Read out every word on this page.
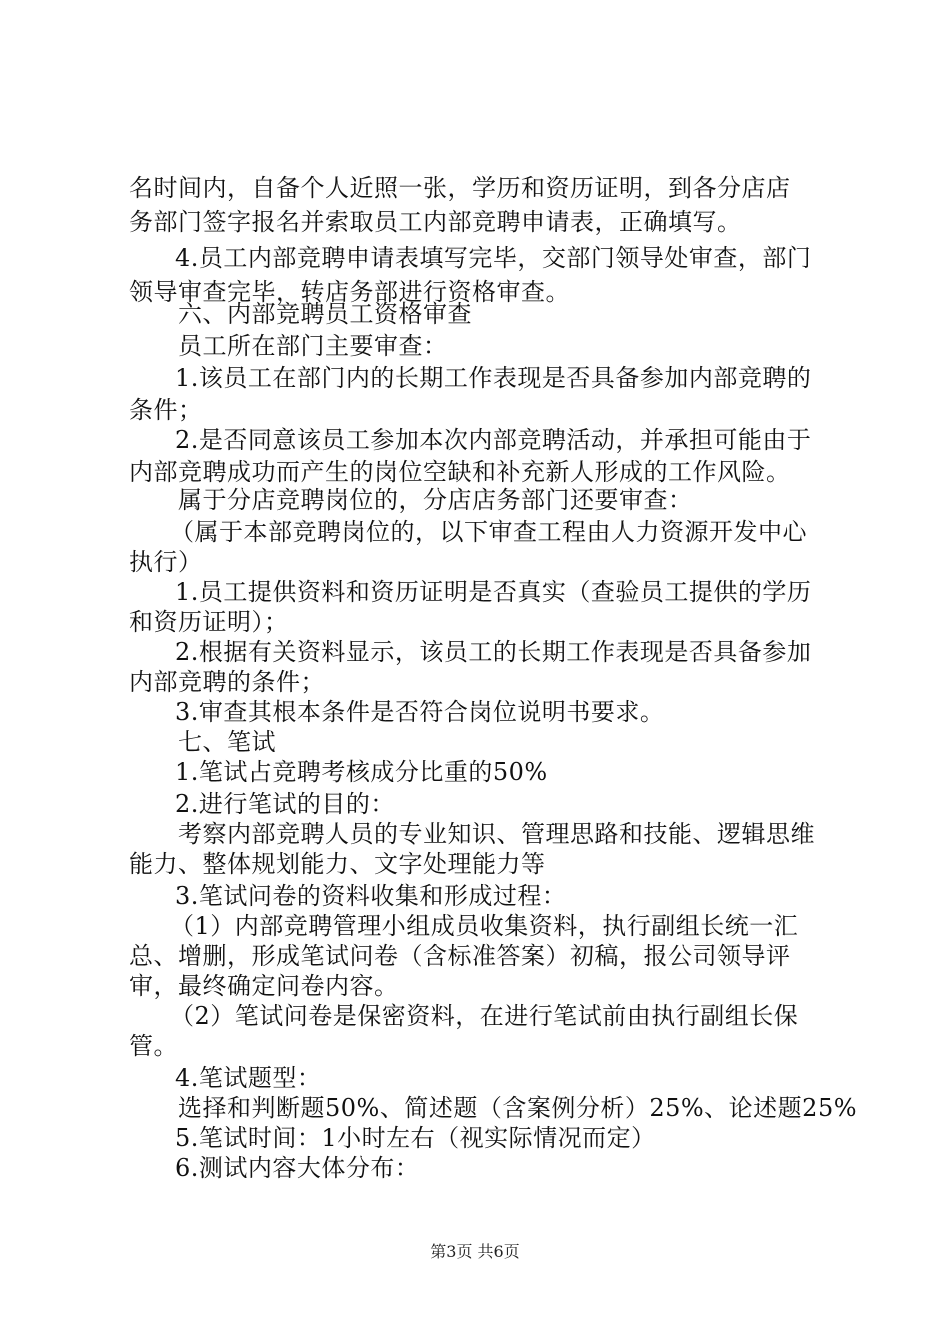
名时间内，自备个人近照一张，学历和资历证明，到各分店店
务部门签字报名并索取员工内部竞聘申请表，正确填写。
4.员工内部竞聘申请表填写完毕，交部门领导处审查，部门
领导审查完毕，转店务部进行资格审查。
六、内部竞聘员工资格审查
员工所在部门主要审查：
1.该员工在部门内的长期工作表现是否具备参加内部竞聘的
条件；
2.是否同意该员工参加本次内部竞聘活动，并承担可能由于
内部竞聘成功而产生的岗位空缺和补充新人形成的工作风险。
属于分店竞聘岗位的，分店店务部门还要审查：
（属于本部竞聘岗位的，以下审查工程由人力资源开发中心
执行）
1.员工提供资料和资历证明是否真实（查验员工提供的学历
和资历证明）；
2.根据有关资料显示，该员工的长期工作表现是否具备参加
内部竞聘的条件；
3.审查其根本条件是否符合岗位说明书要求。
七、笔试
1.笔试占竞聘考核成分比重的50%
2.进行笔试的目的：
考察内部竞聘人员的专业知识、管理思路和技能、逻辑思维
能力、整体规划能力、文字处理能力等
3.笔试问卷的资料收集和形成过程：
（1）内部竞聘管理小组成员收集资料，执行副组长统一汇
总、增删，形成笔试问卷（含标准答案）初稿，报公司领导评
审，最终确定问卷内容。
（2）笔试问卷是保密资料，在进行笔试前由执行副组长保
管。
4.笔试题型：
选择和判断题50%、简述题（含案例分析）25%、论述题25%
5.笔试时间：1小时左右（视实际情况而定）
6.测试内容大体分布：
第3页 共6页
